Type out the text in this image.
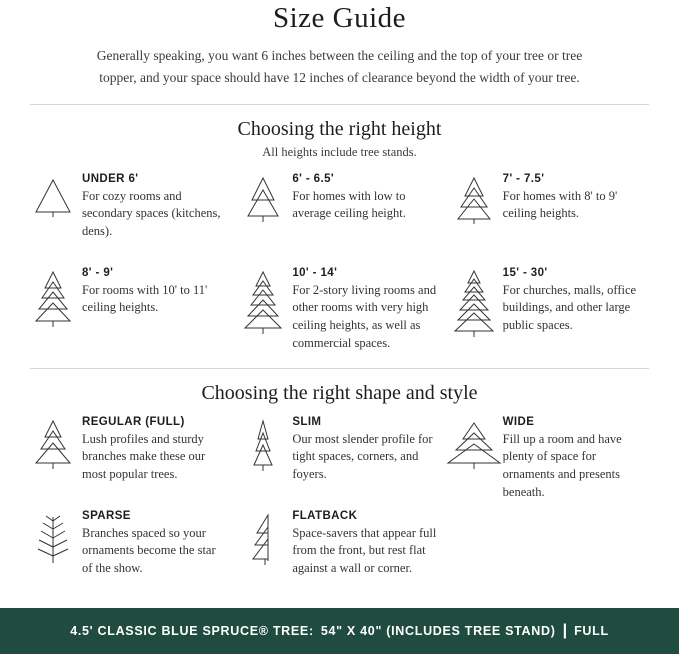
Size Guide

Generally speaking, you want 6 inches between the ceiling and the top of your tree or tree topper, and your space should have 12 inches of clearance beyond the width of your tree.

Choosing the right height

All heights include tree stands.

UNDER 6'

For cozy rooms and secondary spaces (kitchens, dens).

6' - 6.5'

For homes with low to average ceiling height.

7' - 7.5'

For homes with 8' to 9' ceiling heights.

8' - 9'

For rooms with 10' to 11' ceiling heights.

10' - 14'

For 2-story living rooms and other rooms with very high ceiling heights, as well as commercial spaces.

15' - 30'

For churches, malls, office buildings, and other large public spaces.

Choosing the right shape and style

REGULAR (FULL)

Lush profiles and sturdy branches make these our most popular trees.

SLIM

Our most slender profile for tight spaces, corners, and foyers.

WIDE

Fill up a room and have plenty of space for ornaments and presents beneath.

SPARSE

Branches spaced so your ornaments become the star of the show.

FLATBACK

Space-savers that appear full from the front, but rest flat against a wall or corner.

4.5' CLASSIC BLUE SPRUCE® TREE: 54" X 40" (INCLUDES TREE STAND) | FULL
